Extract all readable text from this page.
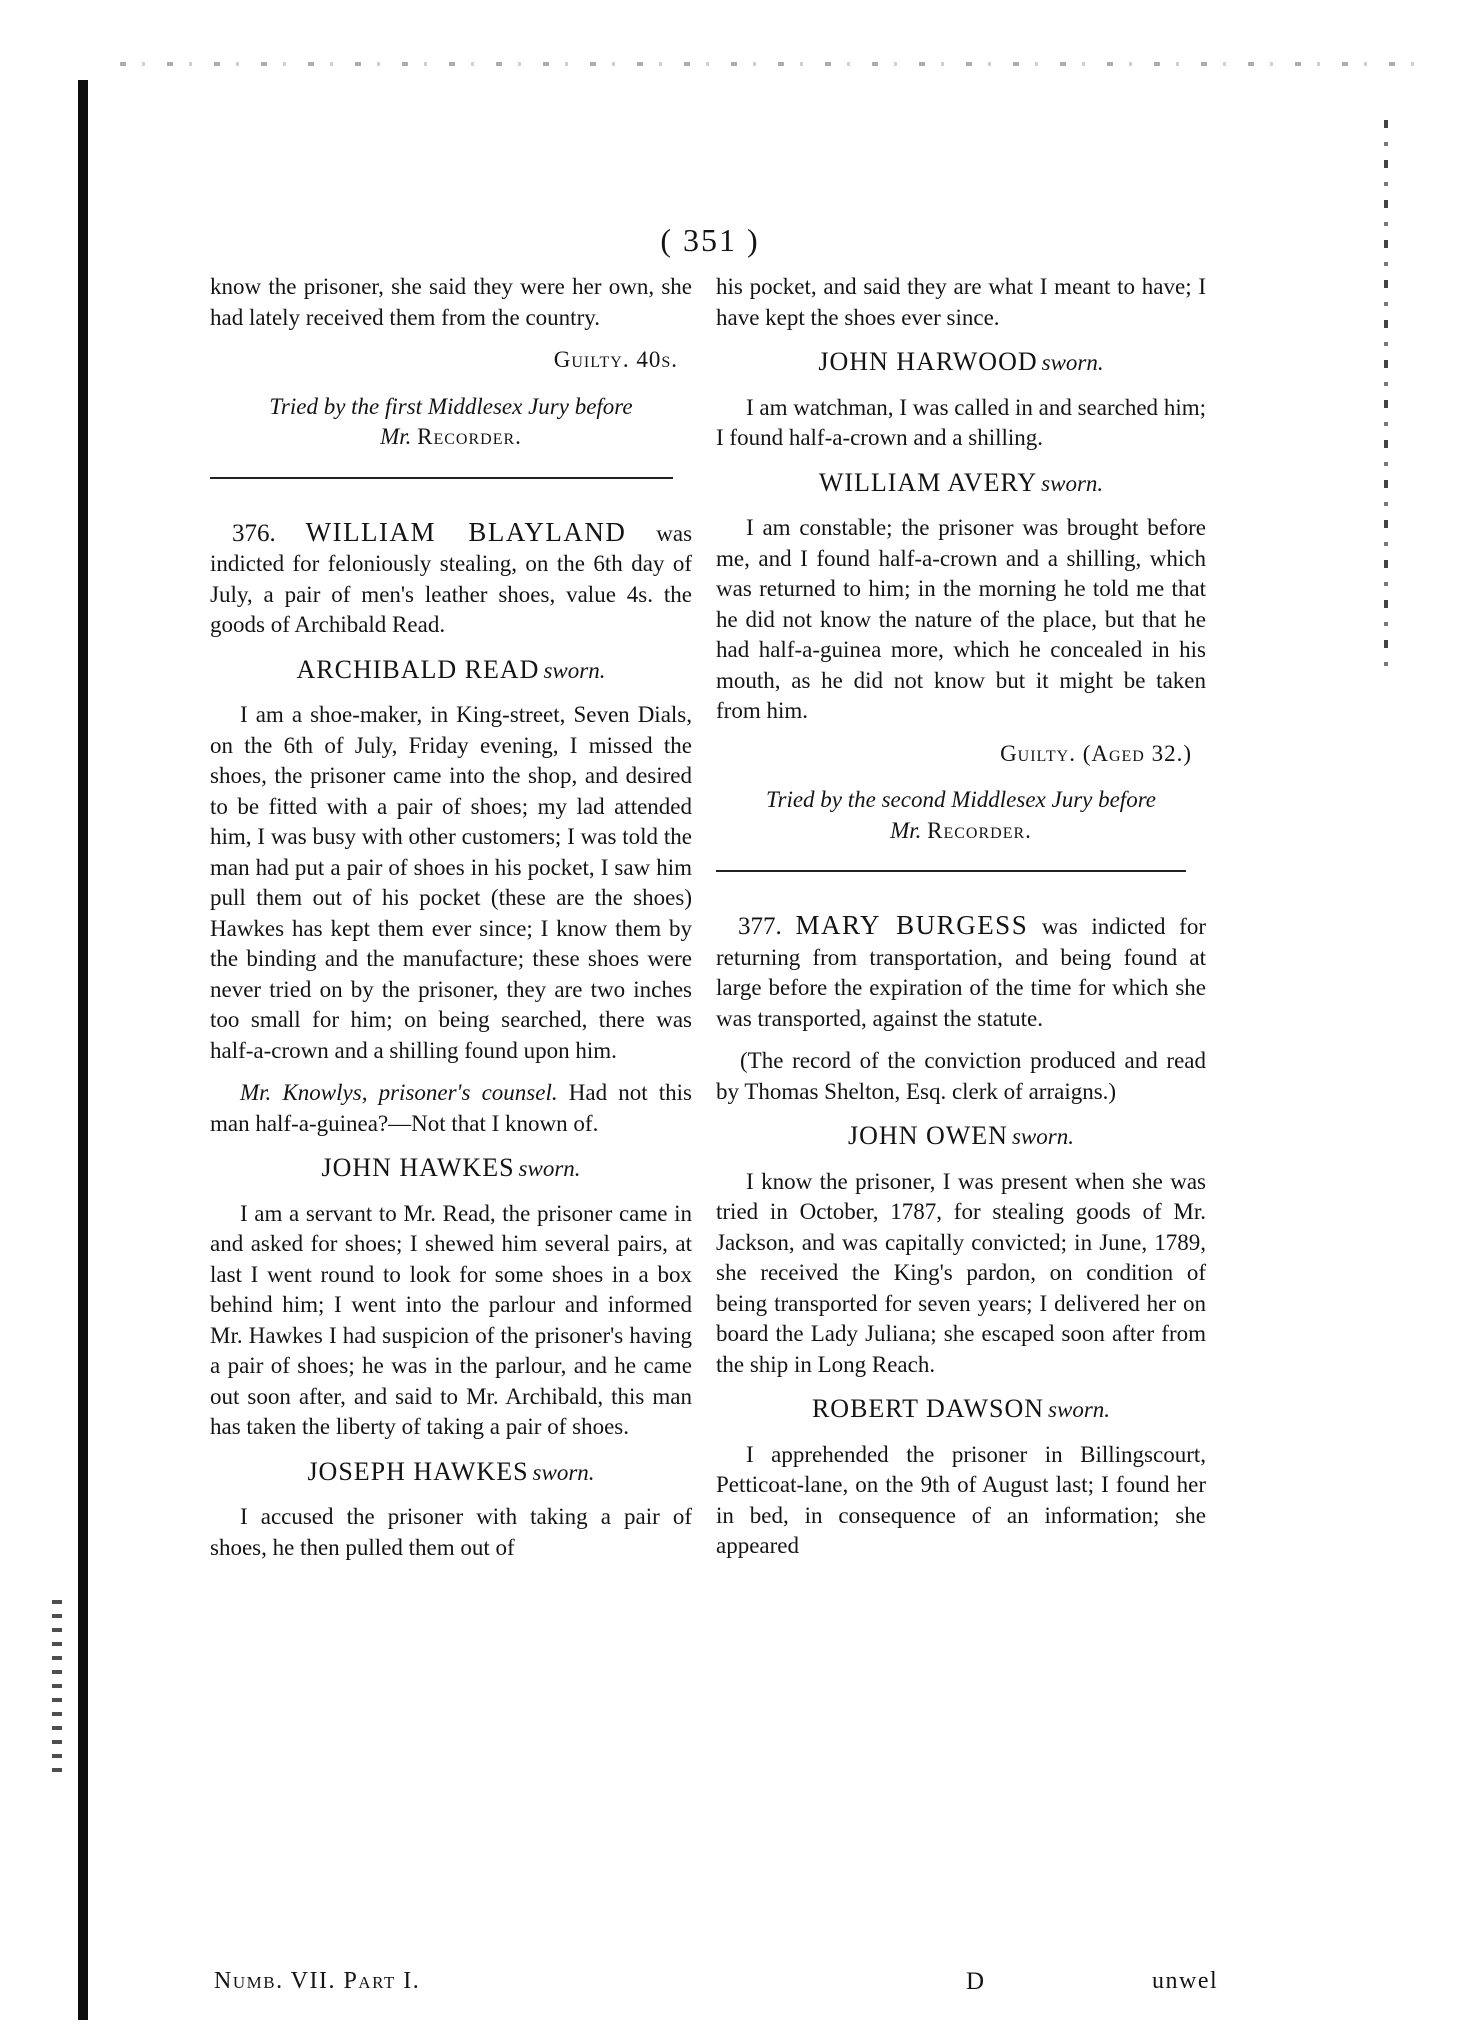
( 351 )

know the prisoner, she said they were her own, she had lately received them from the country.

Guilty. 40s.
Tried by the first Middlesex Jury before
Mr. Recorder.

376. WILLIAM BLAYLAND was indicted for feloniously stealing, on the 6th day of July, a pair of men's leather shoes, value 4s. the goods of Archibald Read.

ARCHIBALD READ sworn.

I am a shoe-maker, in King-street, Seven Dials, on the 6th of July, Friday evening, I missed the shoes, the prisoner came into the shop, and desired to be fitted with a pair of shoes; my lad attended him, I was busy with other customers; I was told the man had put a pair of shoes in his pocket, I saw him pull them out of his pocket (these are the shoes) Hawkes has kept them ever since; I know them by the binding and the manufacture; these shoes were never tried on by the prisoner, they are two inches too small for him; on being searched, there was half-a-crown and a shilling found upon him.

Mr. Knowlys, prisoner's counsel. Had not this man half-a-guinea?—Not that I known of.

JOHN HAWKES sworn.

I am a servant to Mr. Read, the prisoner came in and asked for shoes; I shewed him several pairs, at last I went round to look for some shoes in a box behind him; I went into the parlour and informed Mr. Hawkes I had suspicion of the prisoner's having a pair of shoes; he was in the parlour, and he came out soon after, and said to Mr. Archibald, this man has taken the liberty of taking a pair of shoes.

JOSEPH HAWKES sworn.

I accused the prisoner with taking a pair of shoes, he then pulled them out of

his pocket, and said they are what I meant to have; I have kept the shoes ever since.

JOHN HARWOOD sworn.

I am watchman, I was called in and searched him; I found half-a-crown and a shilling.

WILLIAM AVERY sworn.

I am constable; the prisoner was brought before me, and I found half-a-crown and a shilling, which was returned to him; in the morning he told me that he did not know the nature of the place, but that he had half-a-guinea more, which he concealed in his mouth, as he did not know but it might be taken from him.

Guilty. (Aged 32.)
Tried by the second Middlesex Jury before
Mr. Recorder.

377. MARY BURGESS was indicted for returning from transportation, and being found at large before the expiration of the time for which she was transported, against the statute.

(The record of the conviction produced and read by Thomas Shelton, Esq. clerk of arraigns.)

JOHN OWEN sworn.

I know the prisoner, I was present when she was tried in October, 1787, for stealing goods of Mr. Jackson, and was capitally convicted; in June, 1789, she received the King's pardon, on condition of being transported for seven years; I delivered her on board the Lady Juliana; she escaped soon after from the ship in Long Reach.

ROBERT DAWSON sworn.

I apprehended the prisoner in Billingscourt, Petticoat-lane, on the 9th of August last; I found her in bed, in consequence of an information; she appeared

Numb. VII. Part I.	D	unwel
